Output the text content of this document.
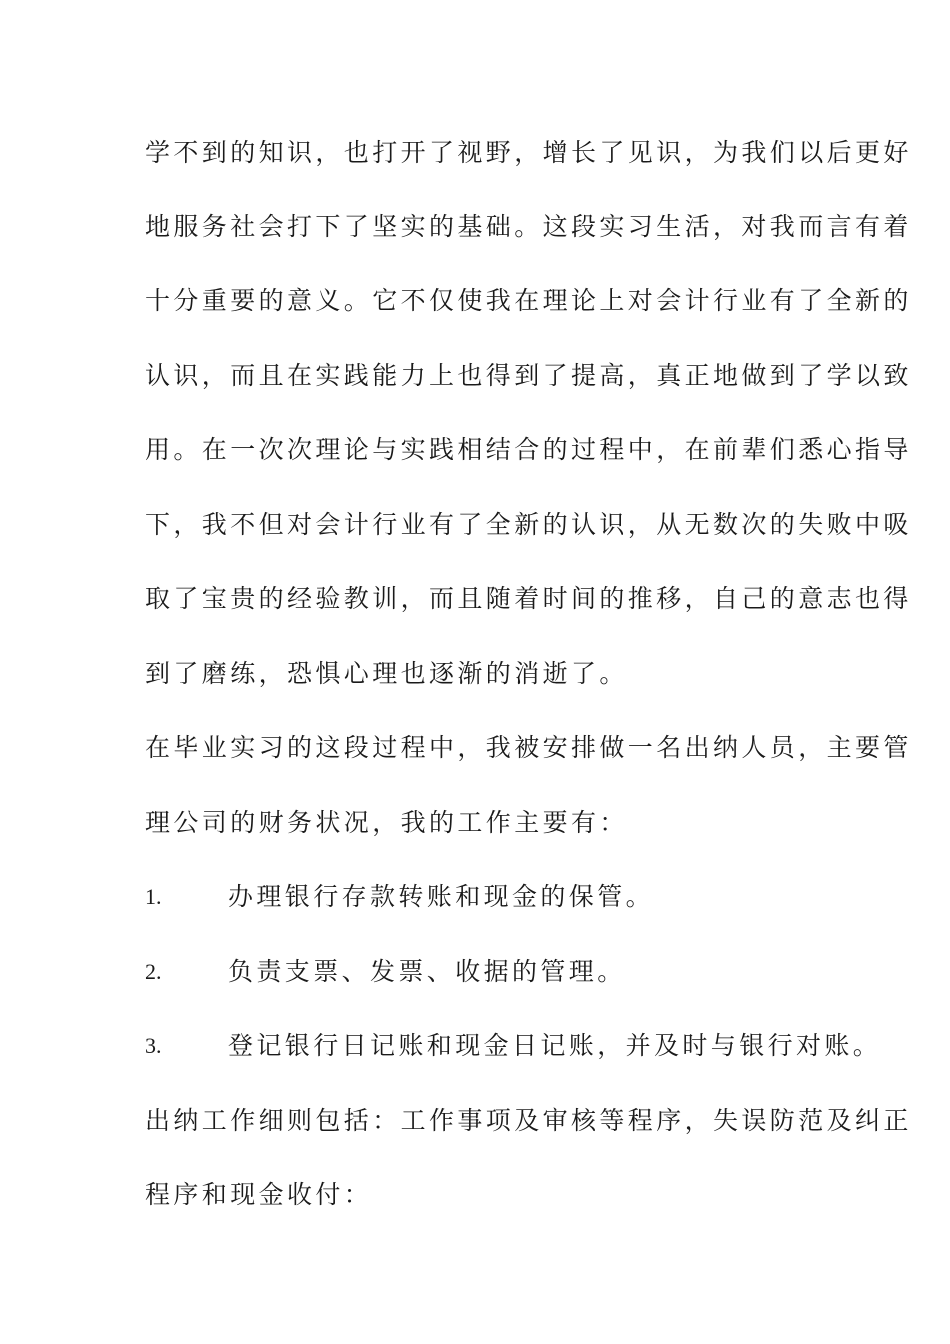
学不到的知识，也打开了视野，增长了见识，为我们以后更好
地服务社会打下了坚实的基础。这段实习生活，对我而言有着
十分重要的意义。它不仅使我在理论上对会计行业有了全新的
认识，而且在实践能力上也得到了提高，真正地做到了学以致
用。在一次次理论与实践相结合的过程中，在前辈们悉心指导
下，我不但对会计行业有了全新的认识，从无数次的失败中吸
取了宝贵的经验教训，而且随着时间的推移，自己的意志也得
到了磨练，恐惧心理也逐渐的消逝了。
在毕业实习的这段过程中，我被安排做一名出纳人员，主要管
理公司的财务状况，我的工作主要有：
1.	办理银行存款转账和现金的保管。
2.	负责支票、发票、收据的管理。
3.	登记银行日记账和现金日记账，并及时与银行对账。
出纳工作细则包括：工作事项及审核等程序，失误防范及纠正
程序和现金收付：
